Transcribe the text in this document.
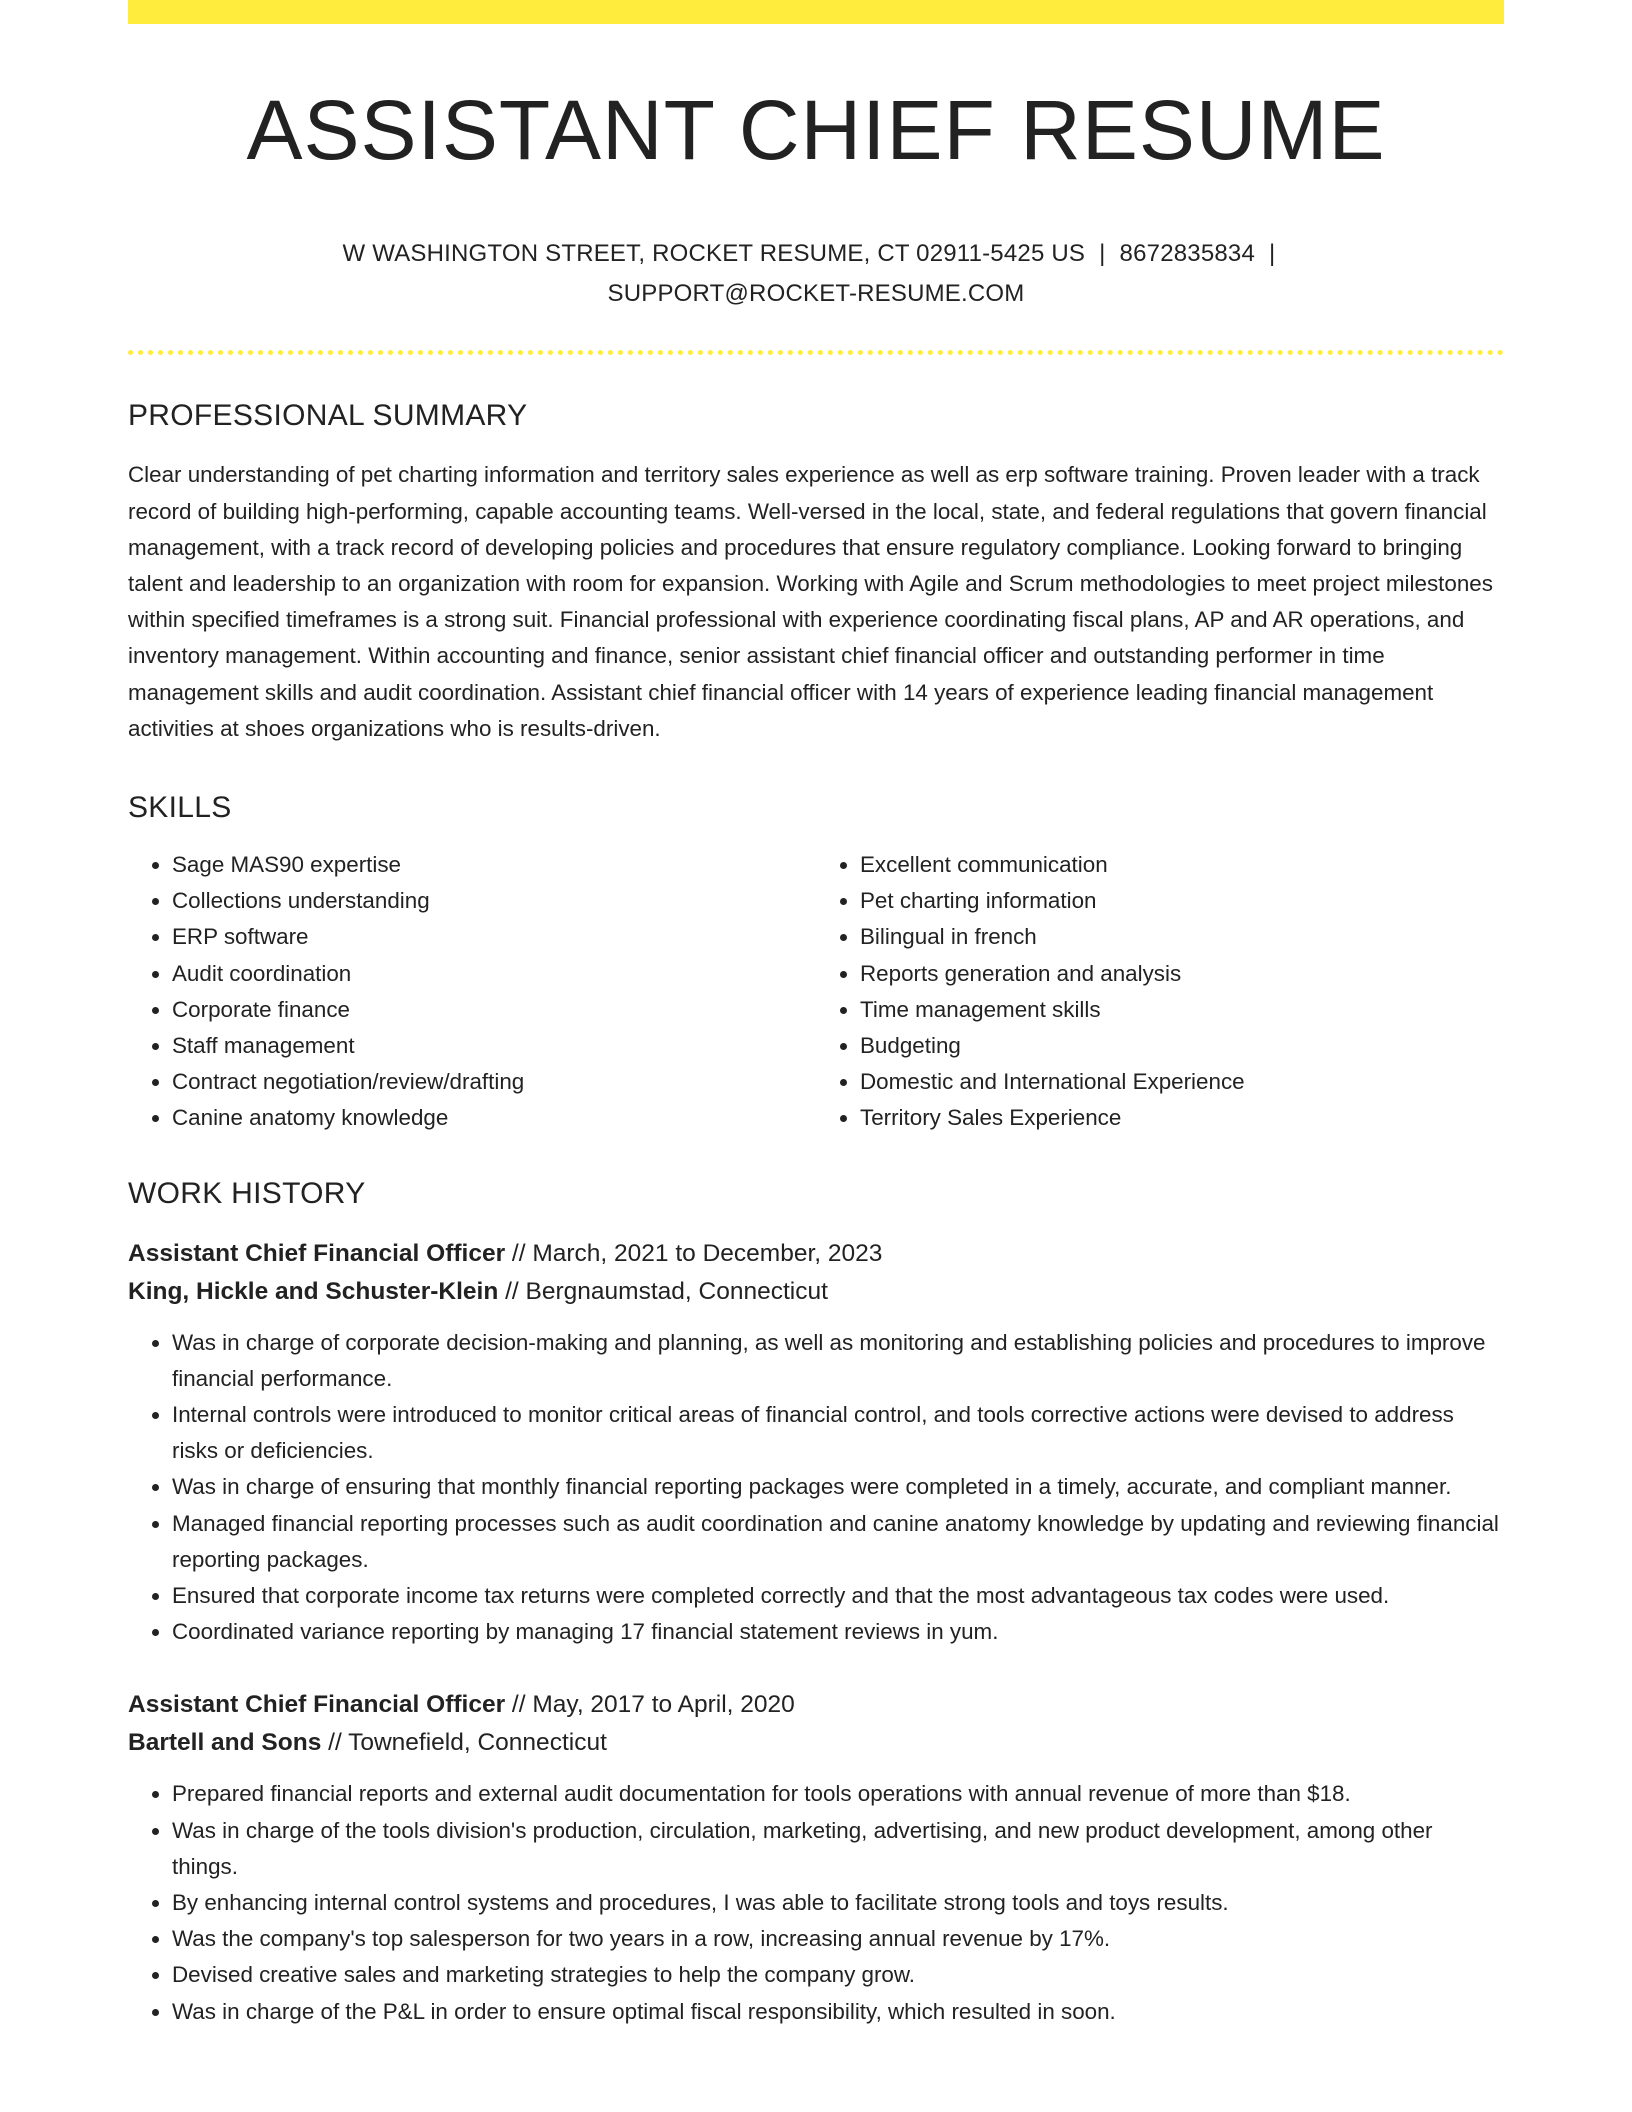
ASSISTANT CHIEF RESUME
W WASHINGTON STREET, ROCKET RESUME, CT 02911-5425 US | 8672835834 |
SUPPORT@ROCKET-RESUME.COM
PROFESSIONAL SUMMARY

Clear understanding of pet charting information and territory sales experience as well as erp software training. Proven leader with a track record of building high-performing, capable accounting teams. Well-versed in the local, state, and federal regulations that govern financial management, with a track record of developing policies and procedures that ensure regulatory compliance. Looking forward to bringing talent and leadership to an organization with room for expansion. Working with Agile and Scrum methodologies to meet project milestones within specified timeframes is a strong suit. Financial professional with experience coordinating fiscal plans, AP and AR operations, and inventory management. Within accounting and finance, senior assistant chief financial officer and outstanding performer in time management skills and audit coordination. Assistant chief financial officer with 14 years of experience leading financial management activities at shoes organizations who is results-driven.

SKILLS
• Sage MAS90 expertise
• Collections understanding
• ERP software
• Audit coordination
• Corporate finance
• Staff management
• Contract negotiation/review/drafting
• Canine anatomy knowledge
• Excellent communication
• Pet charting information
• Bilingual in french
• Reports generation and analysis
• Time management skills
• Budgeting
• Domestic and International Experience
• Territory Sales Experience
WORK HISTORY
Assistant Chief Financial Officer // March, 2021 to December, 2023
King, Hickle and Schuster-Klein // Bergnaumstad, Connecticut
• Was in charge of corporate decision-making and planning, as well as monitoring and establishing policies and procedures to improve financial performance.
• Internal controls were introduced to monitor critical areas of financial control, and tools corrective actions were devised to address risks or deficiencies.
• Was in charge of ensuring that monthly financial reporting packages were completed in a timely, accurate, and compliant manner.
• Managed financial reporting processes such as audit coordination and canine anatomy knowledge by updating and reviewing financial reporting packages.
• Ensured that corporate income tax returns were completed correctly and that the most advantageous tax codes were used.
• Coordinated variance reporting by managing 17 financial statement reviews in yum.
Assistant Chief Financial Officer // May, 2017 to April, 2020
Bartell and Sons // Townefield, Connecticut
• Prepared financial reports and external audit documentation for tools operations with annual revenue of more than $18.
• Was in charge of the tools division's production, circulation, marketing, advertising, and new product development, among other things.
• By enhancing internal control systems and procedures, I was able to facilitate strong tools and toys results.
• Was the company's top salesperson for two years in a row, increasing annual revenue by 17%.
• Devised creative sales and marketing strategies to help the company grow.
• Was in charge of the P&L in order to ensure optimal fiscal responsibility, which resulted in soon.
